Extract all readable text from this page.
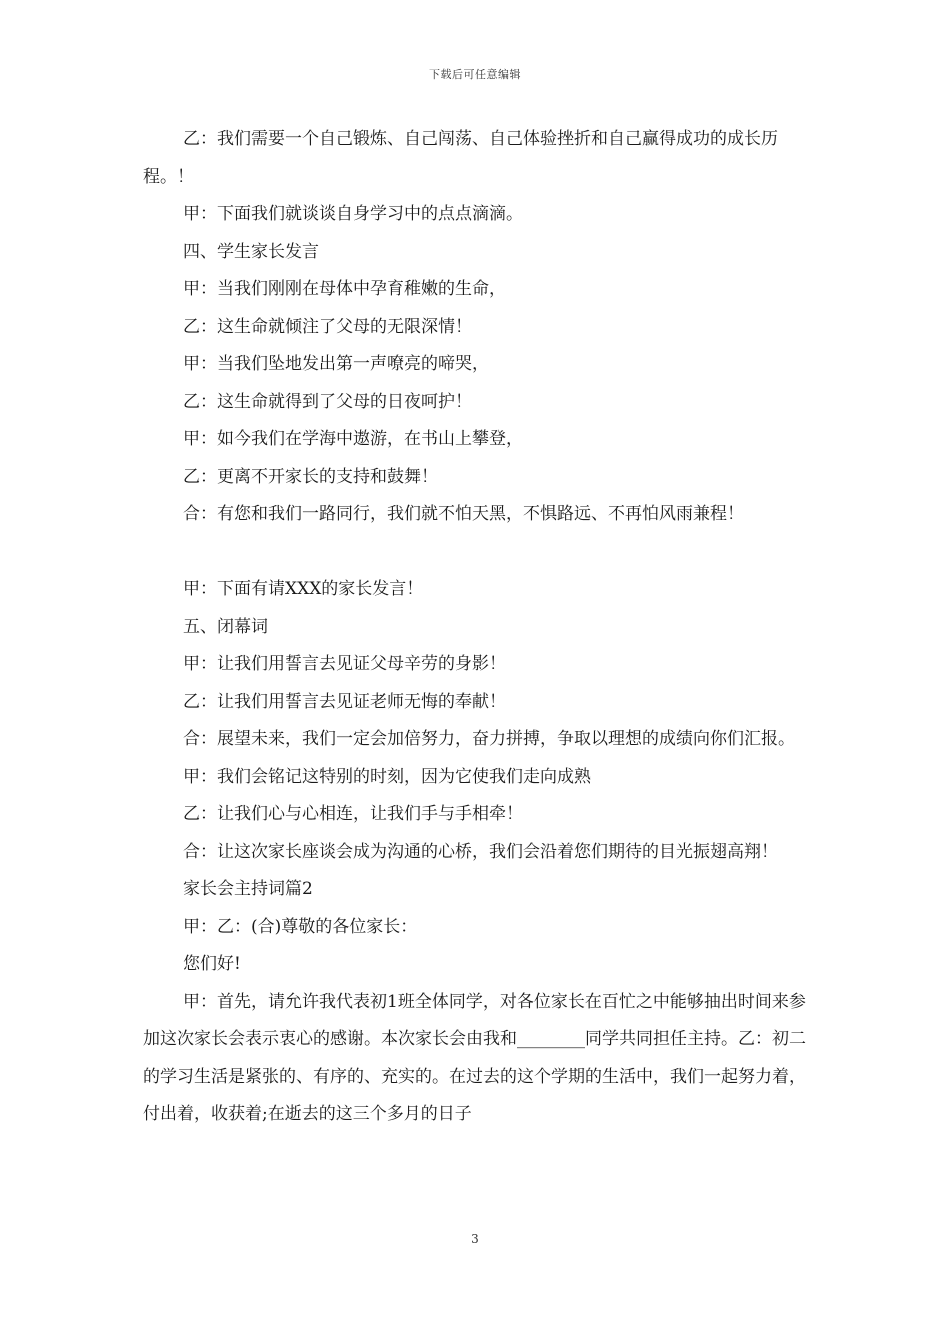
下载后可任意编辑

乙：我们需要一个自己锻炼、自己闯荡、自己体验挫折和自己赢得成功的成长历程。！

甲：下面我们就谈谈自身学习中的点点滴滴。

四、学生家长发言

甲：当我们刚刚在母体中孕育稚嫩的生命，

乙：这生命就倾注了父母的无限深情！

甲：当我们坠地发出第一声嘹亮的啼哭，

乙：这生命就得到了父母的日夜呵护！

甲：如今我们在学海中遨游，在书山上攀登，

乙：更离不开家长的支持和鼓舞！

合：有您和我们一路同行，我们就不怕天黑，不惧路远、不再怕风雨兼程！

甲：下面有请XXX的家长发言！

五、闭幕词

甲：让我们用誓言去见证父母辛劳的身影！

乙：让我们用誓言去见证老师无悔的奉献！

合：展望未来，我们一定会加倍努力，奋力拼搏，争取以理想的成绩向你们汇报。

甲：我们会铭记这特别的时刻，因为它使我们走向成熟

乙：让我们心与心相连，让我们手与手相牵！

合：让这次家长座谈会成为沟通的心桥，我们会沿着您们期待的目光振翅高翔！

家长会主持词篇2

甲：乙：(合)尊敬的各位家长：

您们好!

甲：首先，请允许我代表初1班全体同学，对各位家长在百忙之中能够抽出时间来参加这次家长会表示衷心的感谢。本次家长会由我和________同学共同担任主持。乙：初二的学习生活是紧张的、有序的、充实的。在过去的这个学期的生活中，我们一起努力着，付出着，收获着;在逝去的这三个多月的日子

3
